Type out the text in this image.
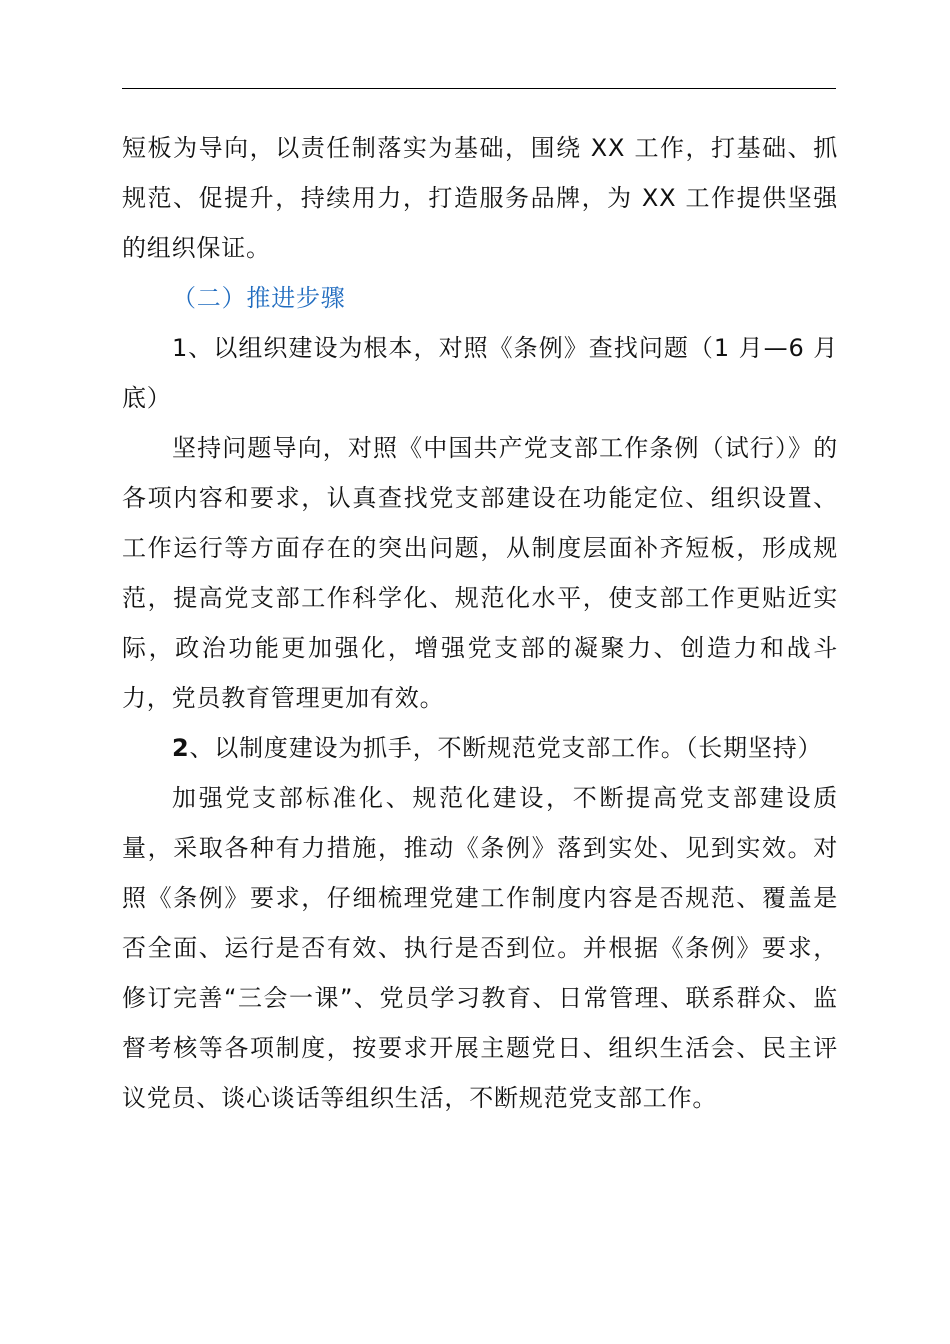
短板为导向，以责任制落实为基础，围绕 XX 工作，打基础、抓规范、促提升，持续用力，打造服务品牌，为 XX 工作提供坚强的组织保证。

（二）推进步骤

1、以组织建设为根本，对照《条例》查找问题（1 月—6 月底）

坚持问题导向，对照《中国共产党支部工作条例（试行）》的各项内容和要求，认真查找党支部建设在功能定位、组织设置、工作运行等方面存在的突出问题，从制度层面补齐短板，形成规范，提高党支部工作科学化、规范化水平，使支部工作更贴近实际，政治功能更加强化，增强党支部的凝聚力、创造力和战斗力，党员教育管理更加有效。

2、以制度建设为抓手，不断规范党支部工作。（长期坚持）

加强党支部标准化、规范化建设，不断提高党支部建设质量，采取各种有力措施，推动《条例》落到实处、见到实效。对照《条例》要求，仔细梳理党建工作制度内容是否规范、覆盖是否全面、运行是否有效、执行是否到位。并根据《条例》要求，修订完善“三会一课”、党员学习教育、日常管理、联系群众、监督考核等各项制度，按要求开展主题党日、组织生活会、民主评议党员、谈心谈话等组织生活，不断规范党支部工作。
